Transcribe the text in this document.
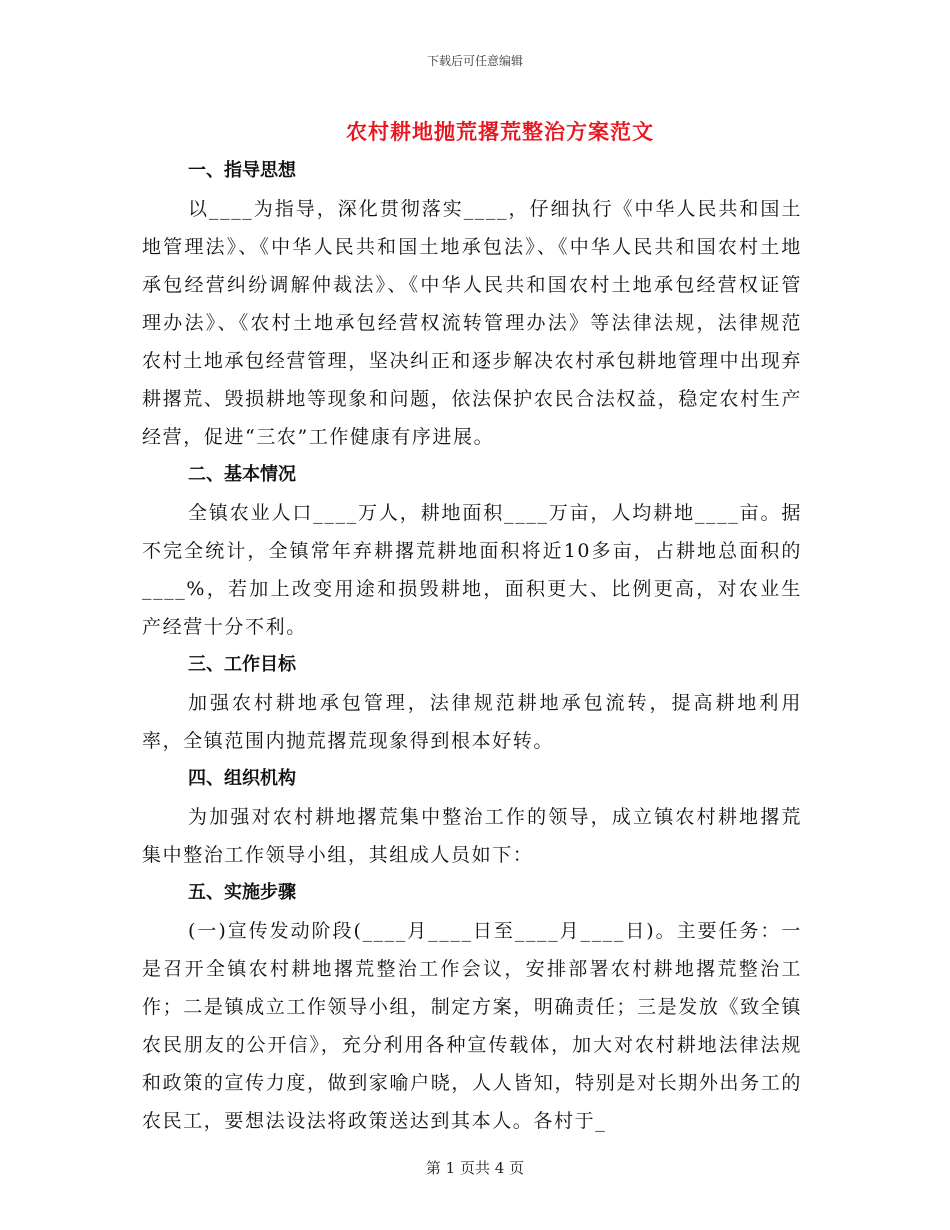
下载后可任意编辑
农村耕地抛荒撂荒整治方案范文
一、指导思想

以____为指导，深化贯彻落实____，仔细执行《中华人民共和国土地管理法》、《中华人民共和国土地承包法》、《中华人民共和国农村土地承包经营纠纷调解仲裁法》、《中华人民共和国农村土地承包经营权证管理办法》、《农村土地承包经营权流转管理办法》等法律法规，法律规范农村土地承包经营管理，坚决纠正和逐步解决农村承包耕地管理中出现弃耕撂荒、毁损耕地等现象和问题，依法保护农民合法权益，稳定农村生产经营，促进“三农”工作健康有序进展。

二、基本情况

全镇农业人口____万人，耕地面积____万亩，人均耕地____亩。据不完全统计，全镇常年弃耕撂荒耕地面积将近10多亩，占耕地总面积的____%，若加上改变用途和损毁耕地，面积更大、比例更高，对农业生产经营十分不利。

三、工作目标

加强农村耕地承包管理，法律规范耕地承包流转，提高耕地利用率，全镇范围内抛荒撂荒现象得到根本好转。

四、组织机构

为加强对农村耕地撂荒集中整治工作的领导，成立镇农村耕地撂荒集中整治工作领导小组，其组成人员如下：

五、实施步骤

(一)宣传发动阶段(____月____日至____月____日)。主要任务：一是召开全镇农村耕地撂荒整治工作会议，安排部署农村耕地撂荒整治工作；二是镇成立工作领导小组，制定方案，明确责任；三是发放《致全镇农民朋友的公开信》，充分利用各种宣传载体，加大对农村耕地法律法规和政策的宣传力度，做到家喻户晓，人人皆知，特别是对长期外出务工的农民工，要想法设法将政策送达到其本人。各村于_

第 1 页共 4 页
